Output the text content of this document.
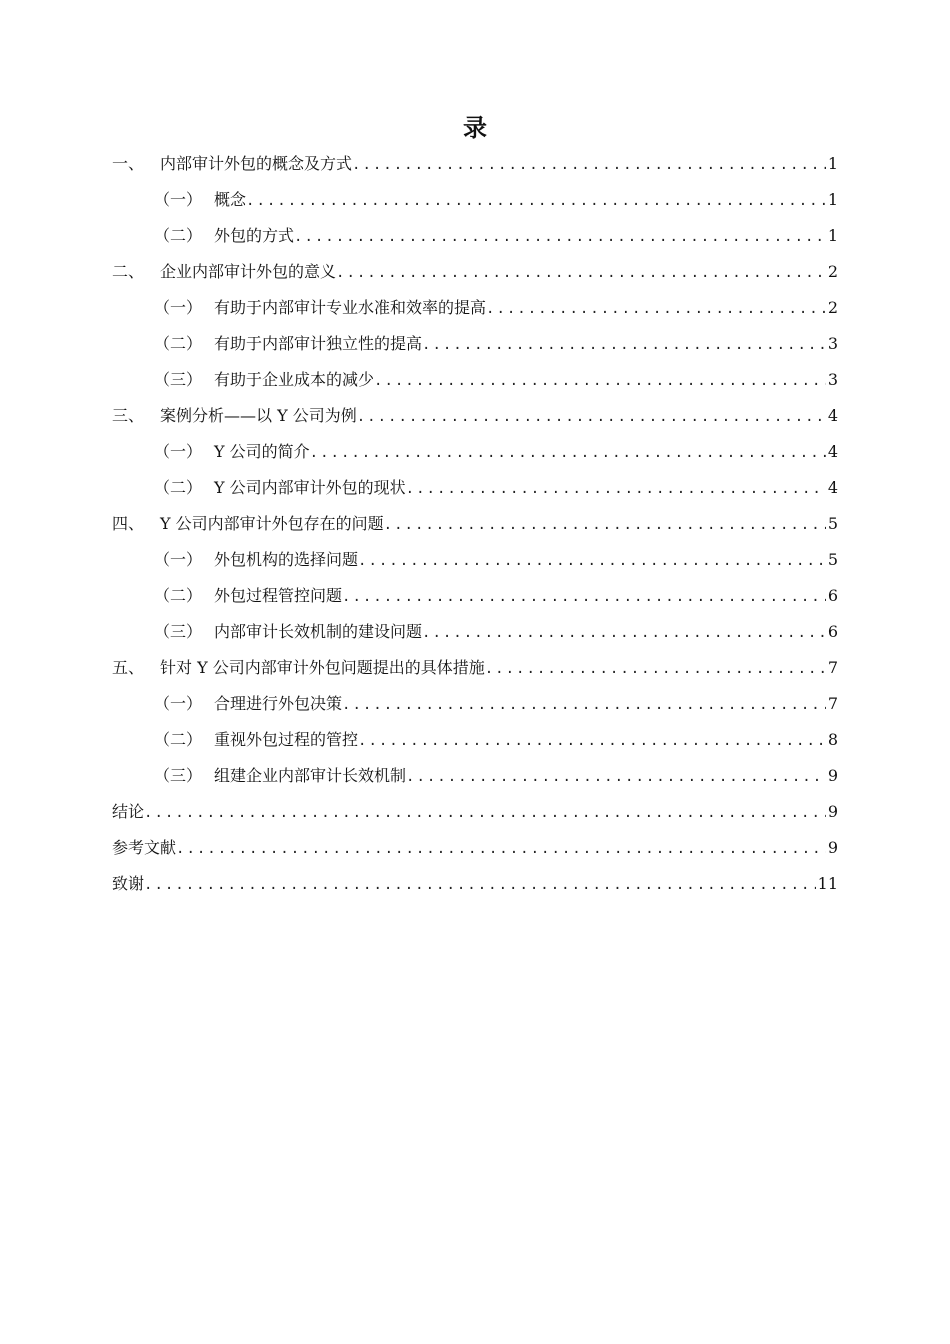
录
一、 内部审计外包的概念及方式 .....	1
（一） 概念 .....	1
（二） 外包的方式 .....	1
二、 企业内部审计外包的意义 .....	2
（一） 有助于内部审计专业水准和效率的提高 .....	2
（二） 有助于内部审计独立性的提高 .....	3
（三） 有助于企业成本的减少 .....	3
三、 案例分析——以 Y 公司为例 .....	4
（一） Y 公司的简介 .....	4
（二） Y 公司内部审计外包的现状 .....	4
四、 Y 公司内部审计外包存在的问题 .....	5
（一） 外包机构的选择问题 .....	5
（二） 外包过程管控问题 .....	6
（三） 内部审计长效机制的建设问题 .....	6
五、 针对 Y 公司内部审计外包问题提出的具体措施 .....	7
（一） 合理进行外包决策 .....	7
（二） 重视外包过程的管控 .....	8
（三） 组建企业内部审计长效机制 .....	9
结论 .....	9
参考文献 .....	9
致谢 .....	11
